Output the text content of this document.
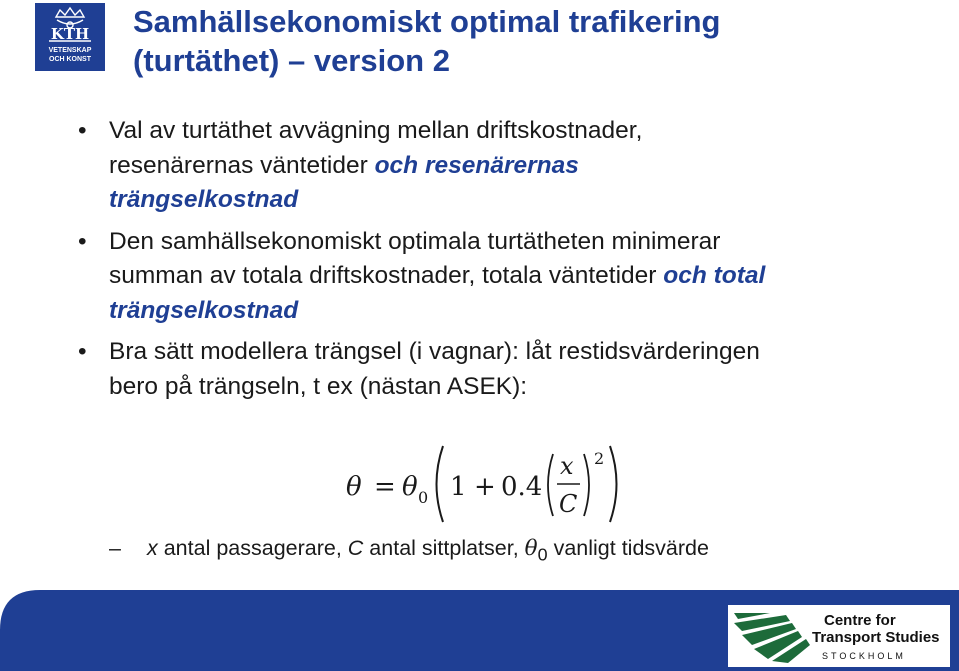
KTH
VETENSKAP
OCH KONST
Samhällsekonomiskt optimal trafikering
(turtäthet) – version 2
• Val av turtäthet avvägning mellan driftskostnader,
resenärernas väntetider och resenärernas
trängselkostnad
• Den samhällsekonomiskt optimala turtätheten minimerar
summan av totala driftskostnader, totala väntetider och total
trängselkostnad
• Bra sätt modellera trängsel (i vagnar): låt restidsvärderingen
bero på trängseln, t ex (nästan ASEK):
θ = θ 0 1 + 0.4
x
C
2
– x antal passagerare, C antal sittplatser, $\theta_0$ vanligt tidsvärde
Centre for
Transport Studies
STOCKHOLM
